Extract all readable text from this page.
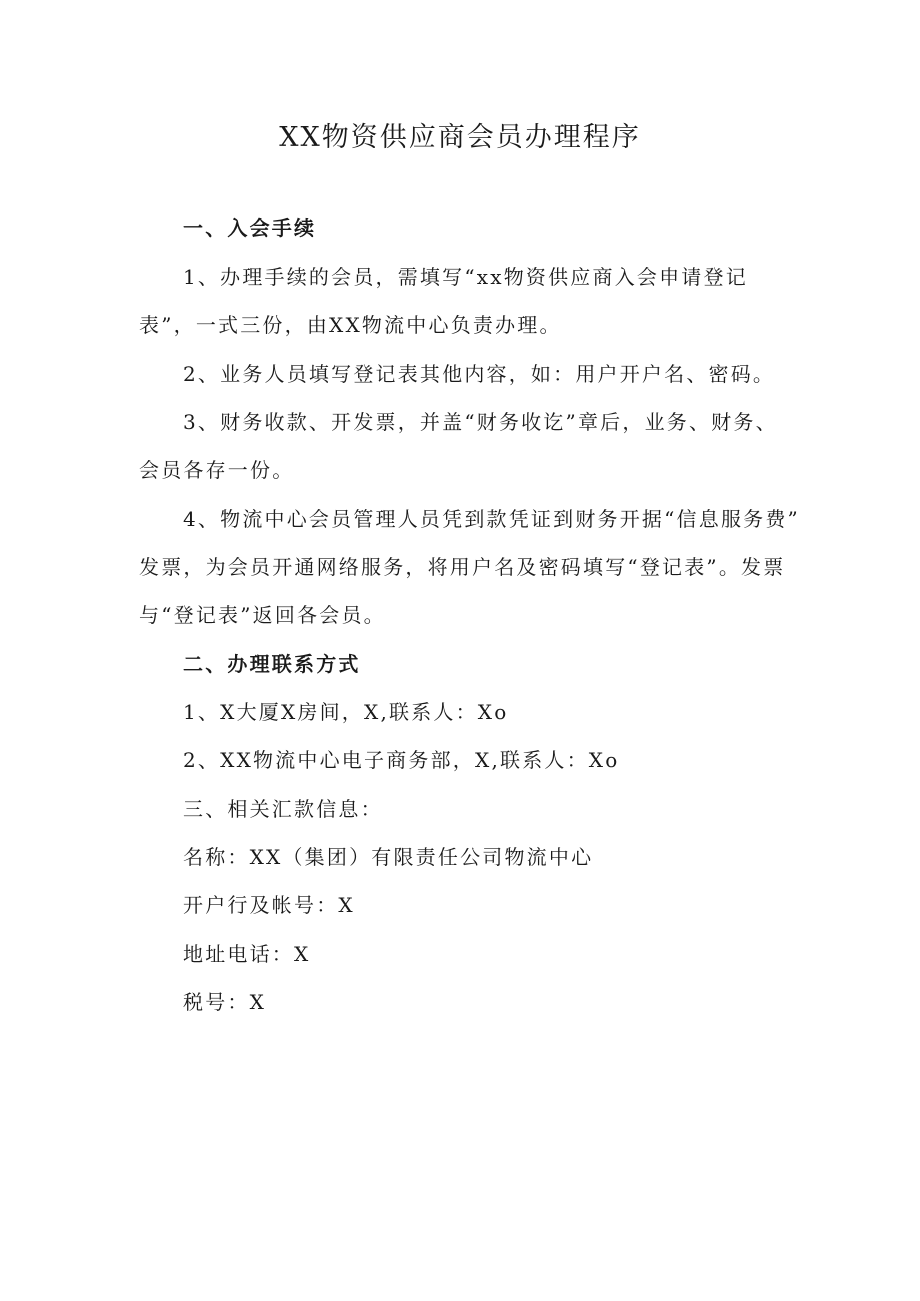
XX物资供应商会员办理程序
一、入会手续
1、办理手续的会员，需填写“xx物资供应商入会申请登记
表”，一式三份，由XX物流中心负责办理。
2、业务人员填写登记表其他内容，如：用户开户名、密码。
3、财务收款、开发票，并盖“财务收讫”章后，业务、财务、
会员各存一份。
4、物流中心会员管理人员凭到款凭证到财务开据“信息服务费”
发票，为会员开通网络服务，将用户名及密码填写“登记表”。发票
与“登记表”返回各会员。
二、办理联系方式
1、X大厦X房间，X,联系人：Xo
2、XX物流中心电子商务部，X,联系人：Xo
三、相关汇款信息：
名称：XX（集团）有限责任公司物流中心
开户行及帐号：X
地址电话：X
税号：X
